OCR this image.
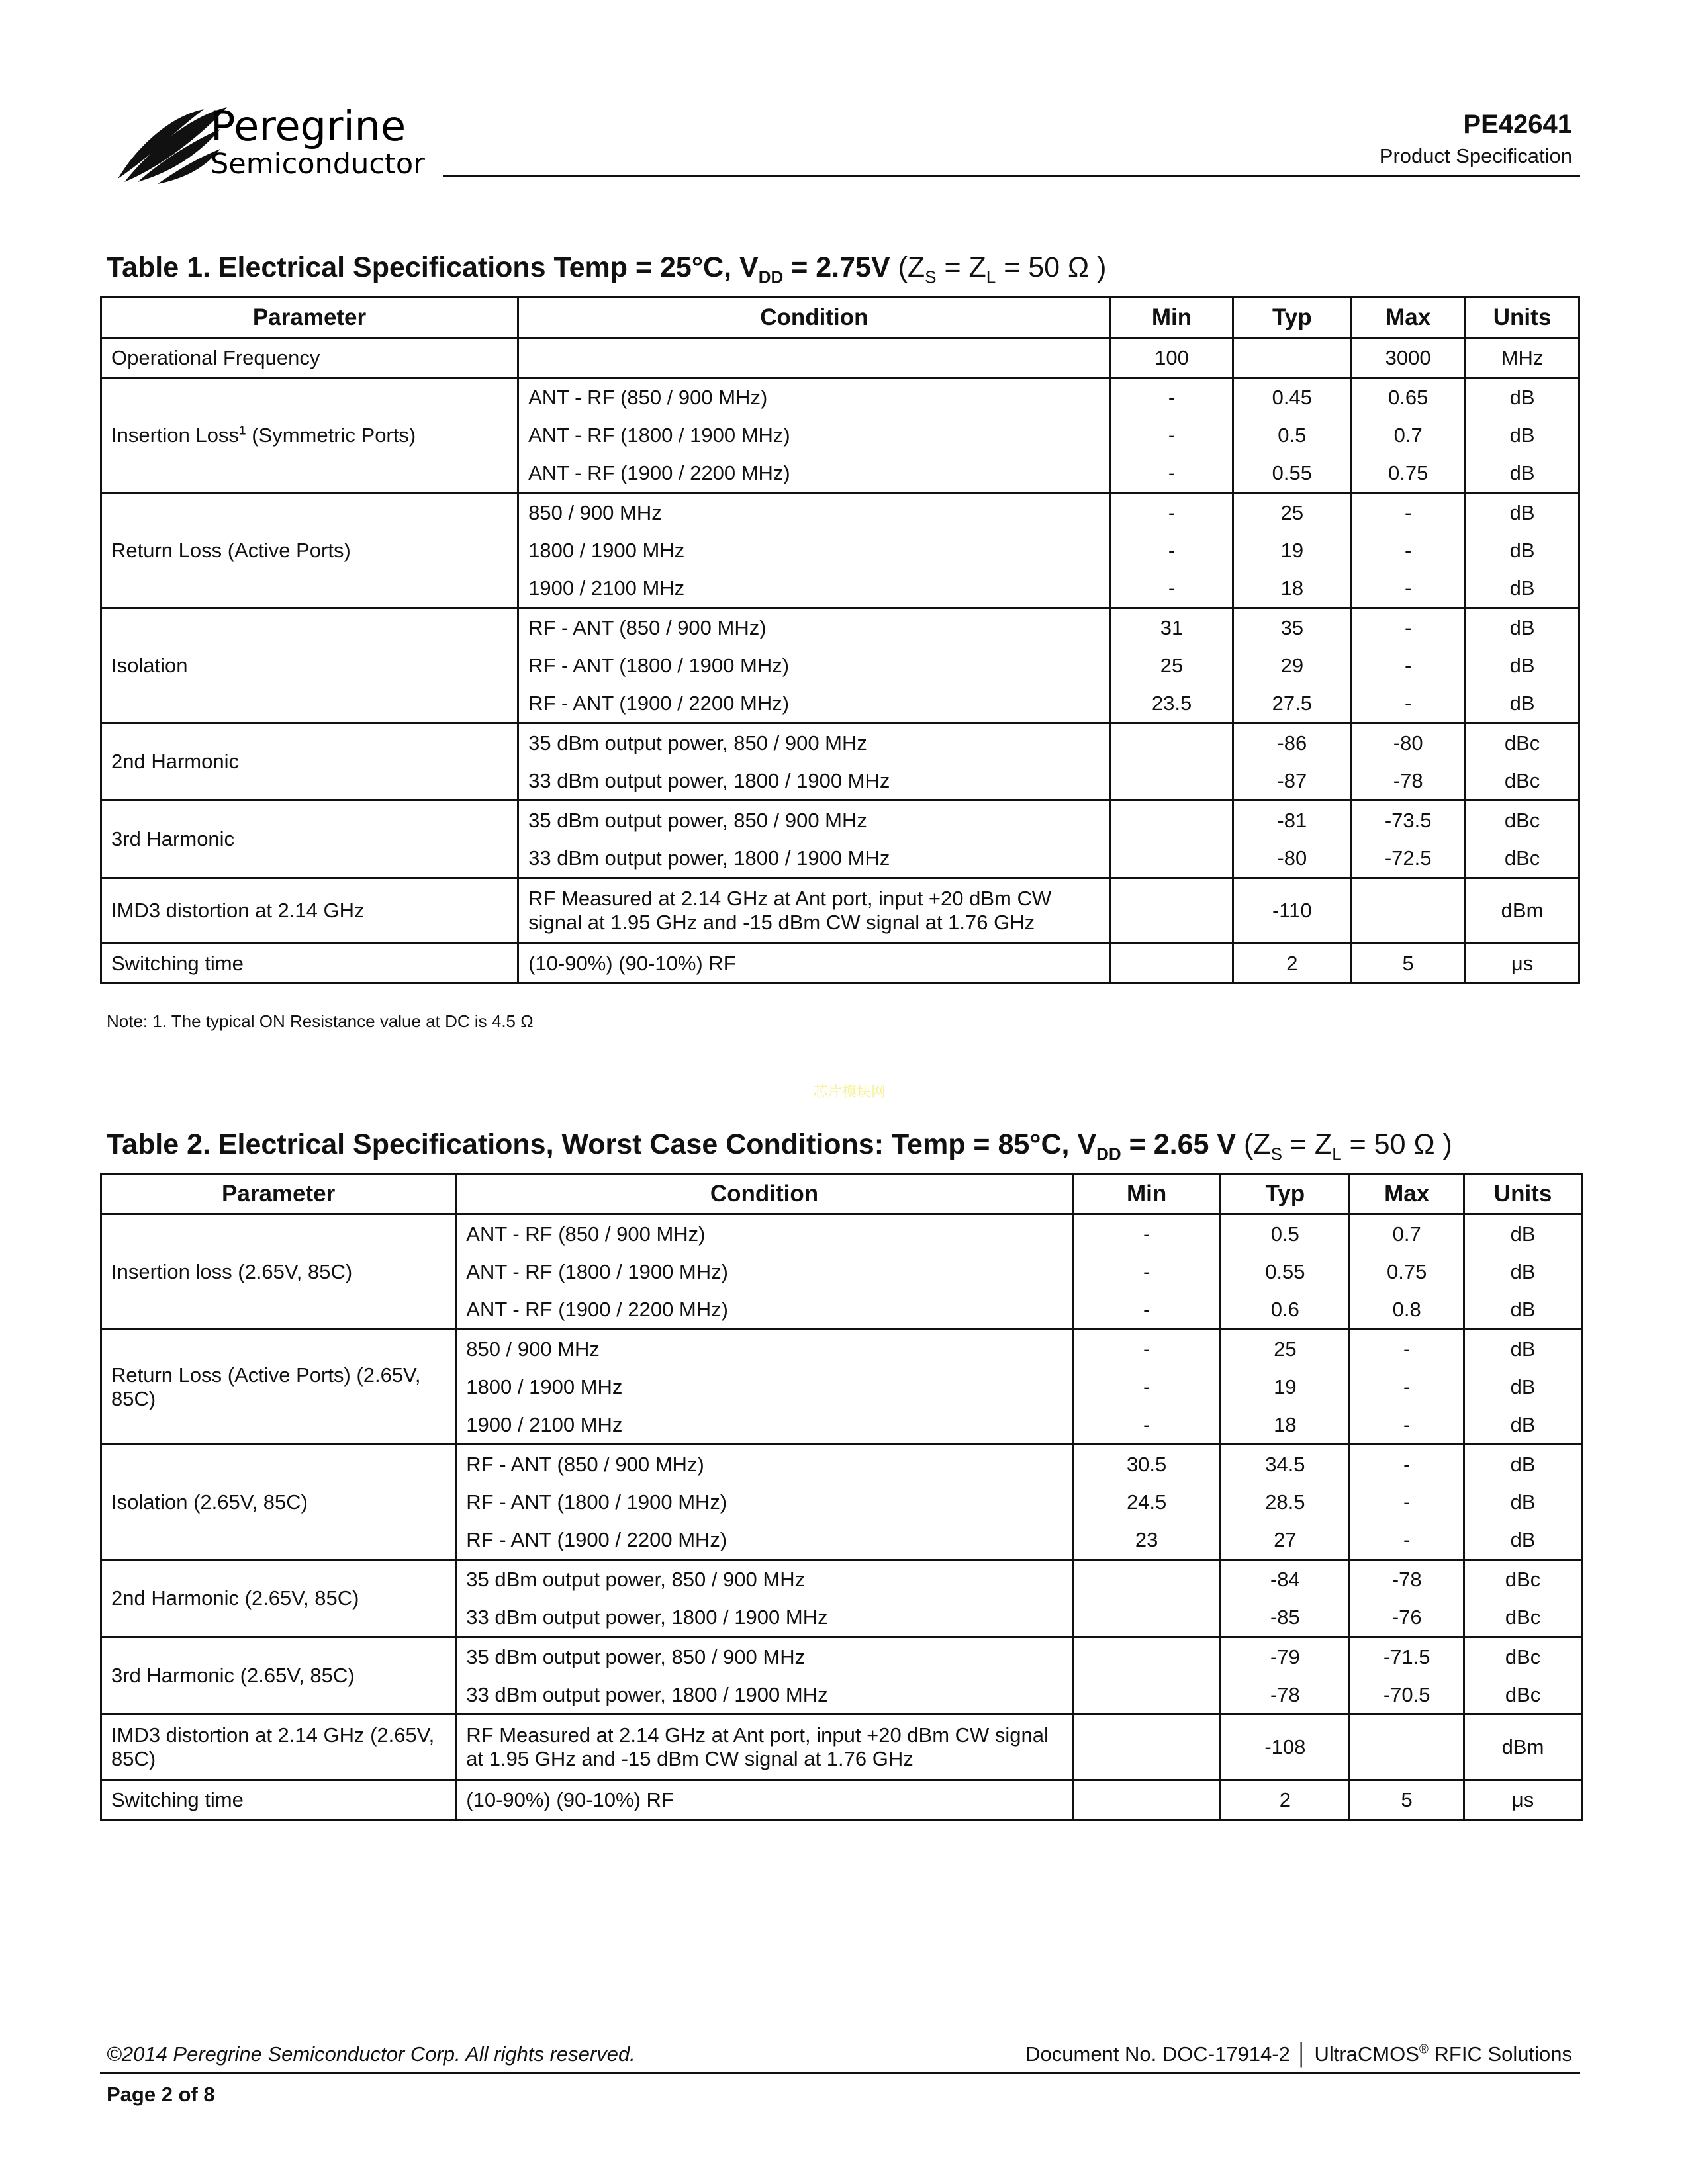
Peregrine
Semiconductor
PE42641
Product Specification
Table 1. Electrical Specifications Temp = 25°C, $V_{DD} = 2.75V$ ($Z_S = Z_L = 50$ Ω )
Parameter	Condition	Min	Typ	Max	Units
Operational Frequency		100		3000	MHz
Insertion Loss$^1$ (Symmetric Ports)	ANT - RF (850 / 900 MHz)	-	0.45	0.65	dB
	ANT - RF (1800 / 1900 MHz)	-	0.5	0.7	dB
	ANT - RF (1900 / 2200 MHz)	-	0.55	0.75	dB
Return Loss (Active Ports)	850 / 900 MHz	-	25	-	dB
	1800 / 1900 MHz	-	19	-	dB
	1900 / 2100 MHz	-	18	-	dB
Isolation	RF - ANT (850 / 900 MHz)	31	35	-	dB
	RF - ANT (1800 / 1900 MHz)	25	29	-	dB
	RF - ANT (1900 / 2200 MHz)	23.5	27.5	-	dB
2nd Harmonic	35 dBm output power, 850 / 900 MHz		-86	-80	dBc
	33 dBm output power, 1800 / 1900 MHz		-87	-78	dBc
3rd Harmonic	35 dBm output power, 850 / 900 MHz		-81	-73.5	dBc
	33 dBm output power, 1800 / 1900 MHz		-80	-72.5	dBc
IMD3 distortion at 2.14 GHz	RF Measured at 2.14 GHz at Ant port, input +20 dBm CW signal at 1.95 GHz and -15 dBm CW signal at 1.76 GHz		-110		dBm
Switching time	(10-90%) (90-10%) RF		2	5	μs
Note: 1. The typical ON Resistance value at DC is 4.5 Ω
芯片模块网
Table 2. Electrical Specifications, Worst Case Conditions: Temp = 85°C, $V_{DD} = 2.65$ V ($Z_S = Z_L = 50$ Ω )
Parameter	Condition	Min	Typ	Max	Units
Insertion loss (2.65V, 85C)	ANT - RF (850 / 900 MHz)	-	0.5	0.7	dB
	ANT - RF (1800 / 1900 MHz)	-	0.55	0.75	dB
	ANT - RF (1900 / 2200 MHz)	-	0.6	0.8	dB
Return Loss (Active Ports) (2.65V, 85C)	850 / 900 MHz	-	25	-	dB
	1800 / 1900 MHz	-	19	-	dB
	1900 / 2100 MHz	-	18	-	dB
Isolation (2.65V, 85C)	RF - ANT (850 / 900 MHz)	30.5	34.5	-	dB
	RF - ANT (1800 / 1900 MHz)	24.5	28.5	-	dB
	RF - ANT (1900 / 2200 MHz)	23	27	-	dB
2nd Harmonic (2.65V, 85C)	35 dBm output power, 850 / 900 MHz		-84	-78	dBc
	33 dBm output power, 1800 / 1900 MHz		-85	-76	dBc
3rd Harmonic (2.65V, 85C)	35 dBm output power, 850 / 900 MHz		-79	-71.5	dBc
	33 dBm output power, 1800 / 1900 MHz		-78	-70.5	dBc
IMD3 distortion at 2.14 GHz (2.65V, 85C)	RF Measured at 2.14 GHz at Ant port, input +20 dBm CW signal at 1.95 GHz and -15 dBm CW signal at 1.76 GHz		-108		dBm
Switching time	(10-90%) (90-10%) RF		2	5	μs
©2014 Peregrine Semiconductor Corp. All rights reserved.	Document No. DOC-17914-2 │ UltraCMOS® RFIC Solutions
Page 2 of 8
